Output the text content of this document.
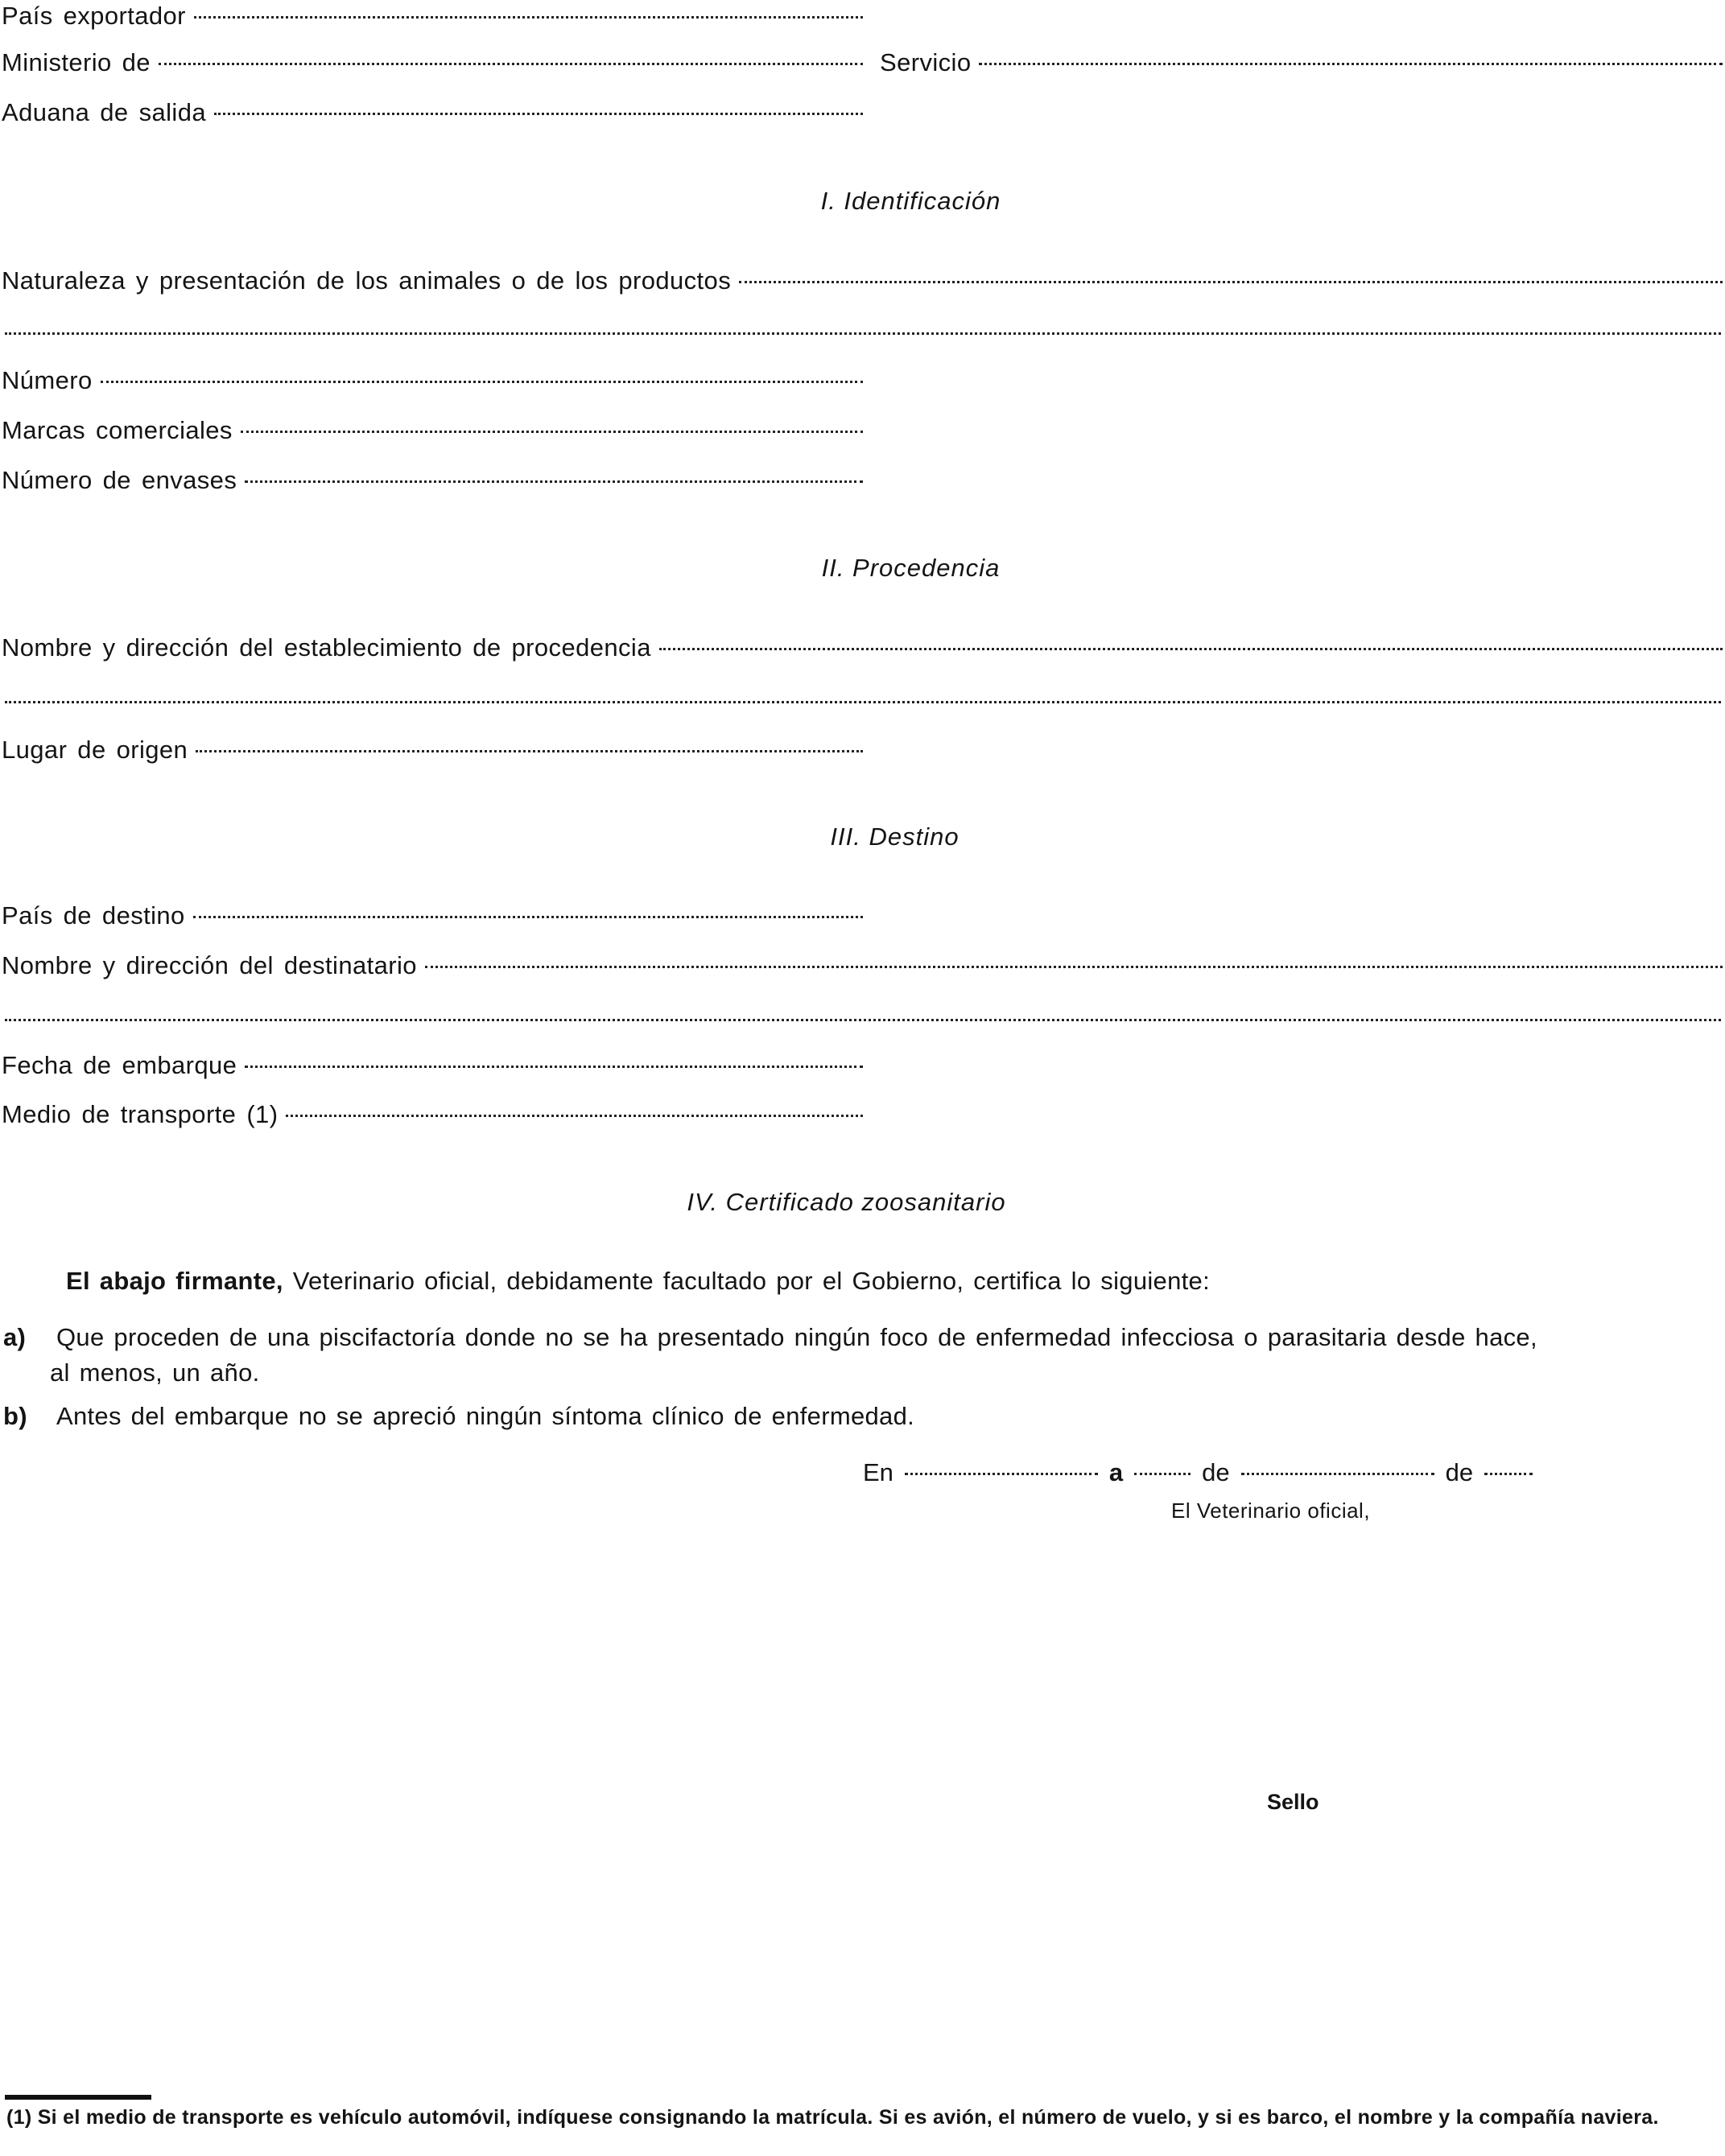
País exportador
Ministerio de	Servicio
Aduana de salida
I. Identificación
Naturaleza y presentación de los animales o de los productos
Número
Marcas comerciales
Número de envases
II. Procedencia
Nombre y dirección del establecimiento de procedencia
Lugar de origen
III. Destino
País de destino
Nombre y dirección del destinatario
Fecha de embarque
Medio de transporte (1)
IV. Certificado zoosanitario
El abajo firmante, Veterinario oficial, debidamente facultado por el Gobierno, certifica lo siguiente:
a) Que proceden de una piscifactoría donde no se ha presentado ningún foco de enfermedad infecciosa o parasitaria desde hace,
al menos, un año.
b) Antes del embarque no se apreció ningún síntoma clínico de enfermedad.
En	a	de	de
El Veterinario oficial,
Sello
(1) Si el medio de transporte es vehículo automóvil, indíquese consignando la matrícula. Si es avión, el número de vuelo, y si es barco, el nombre y la compañía naviera.
